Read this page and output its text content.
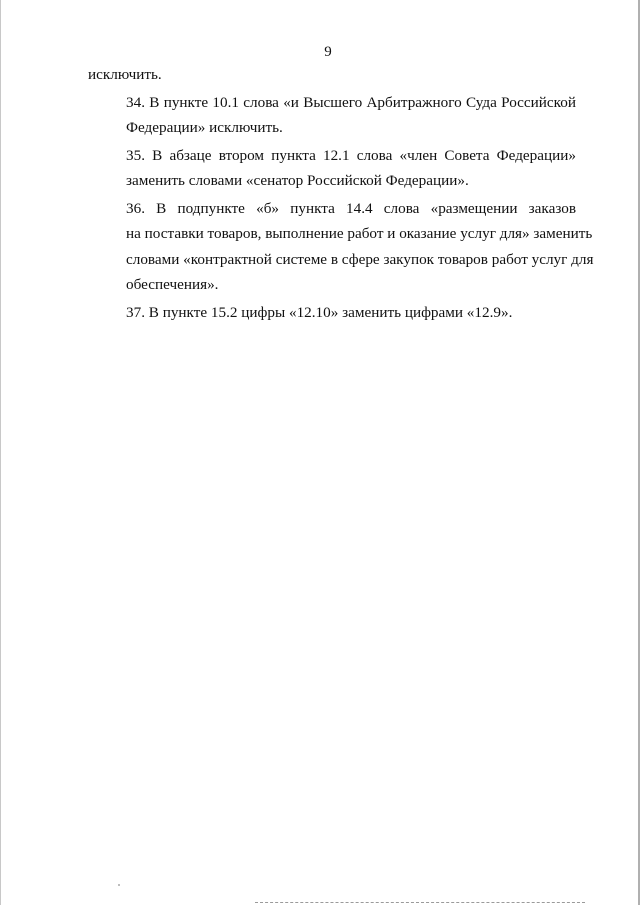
9

исключить.

34. В пункте 10.1 слова «и Высшего Арбитражного Суда Российской
Федерации» исключить.

35. В абзаце втором пункта 12.1 слова «член Совета Федерации»
заменить словами «сенатор Российской Федерации».

36. В подпункте «б» пункта 14.4 слова «размещении заказов
на поставки товаров, выполнение работ и оказание услуг для» заменить
словами «контрактной системе в сфере закупок товаров работ услуг для
обеспечения».

37. В пункте 15.2 цифры «12.10» заменить цифрами «12.9».
